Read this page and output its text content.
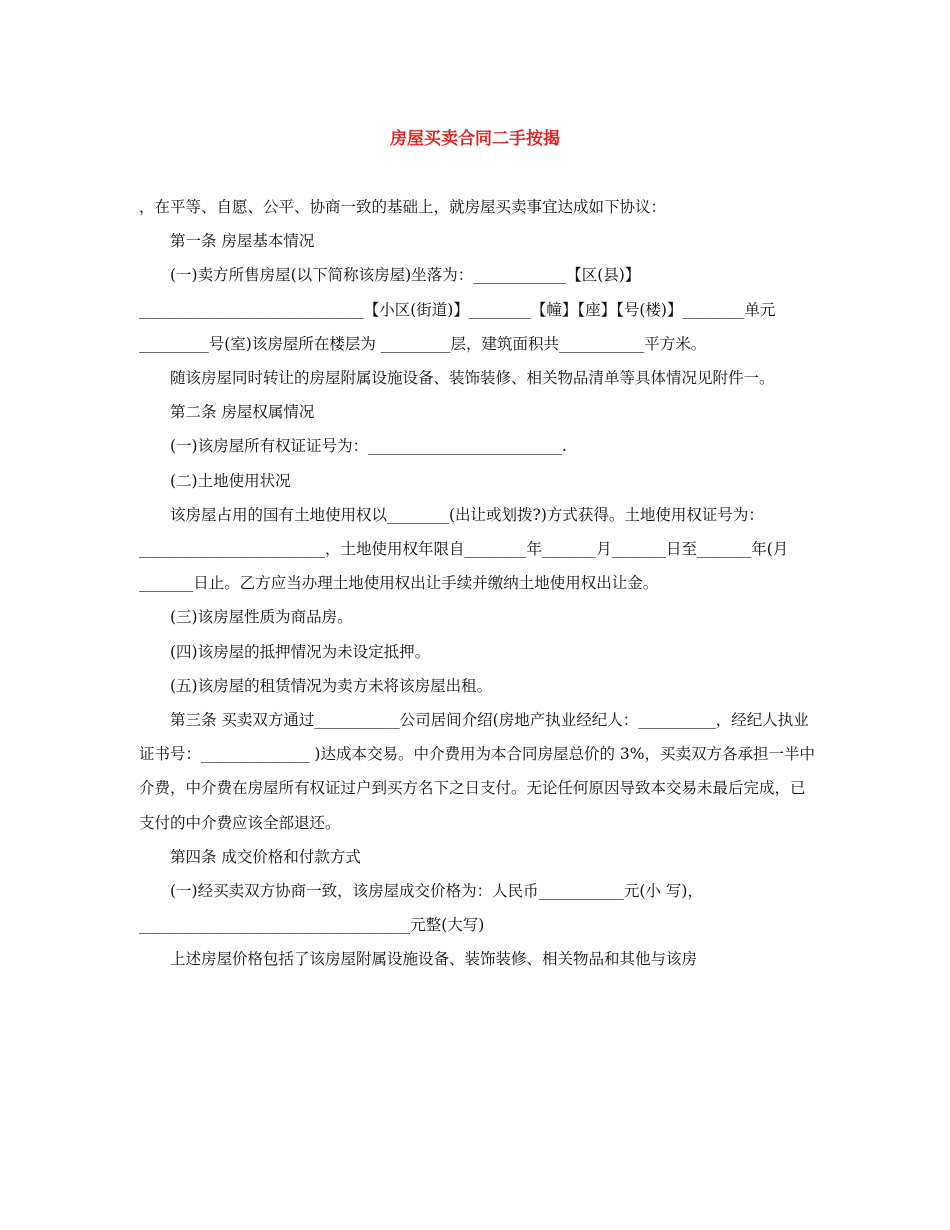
房屋买卖合同二手按揭

，在平等、自愿、公平、协商一致的基础上，就房屋买卖事宜达成如下协议：

第一条 房屋基本情况

(一)卖方所售房屋(以下简称该房屋)坐落为：____________【区(县)】 _____________________________【小区(街道)】________【幢】【座】【号(楼)】________单元 _________号(室)该房屋所在楼层为 _________层，建筑面积共___________平方米。

随该房屋同时转让的房屋附属设施设备、装饰装修、相关物品清单等具体情况见附件一。

第二条 房屋权属情况

(一)该房屋所有权证证号为：_________________________.

(二)土地使用状况

该房屋占用的国有土地使用权以________(出让或划拨?)方式获得。土地使用权证号为：________________________，土地使用权年限自________年_______月_______日至_______年(月_______日止。乙方应当办理土地使用权出让手续并缴纳土地使用权出让金。

(三)该房屋性质为商品房。

(四)该房屋的抵押情况为未设定抵押。

(五)该房屋的租赁情况为卖方未将该房屋出租。

第三条 买卖双方通过___________公司居间介绍(房地产执业经纪人：__________，经纪人执业证书号：______________ )达成本交易。中介费用为本合同房屋总价的 3%，买卖双方各承担一半中介费，中介费在房屋所有权证过户到买方名下之日支付。无论任何原因导致本交易未最后完成，已支付的中介费应该全部退还。

第四条 成交价格和付款方式

(一)经买卖双方协商一致，该房屋成交价格为：人民币___________元(小 写)，___________________________________元整(大写)

上述房屋价格包括了该房屋附属设施设备、装饰装修、相关物品和其他与该房
